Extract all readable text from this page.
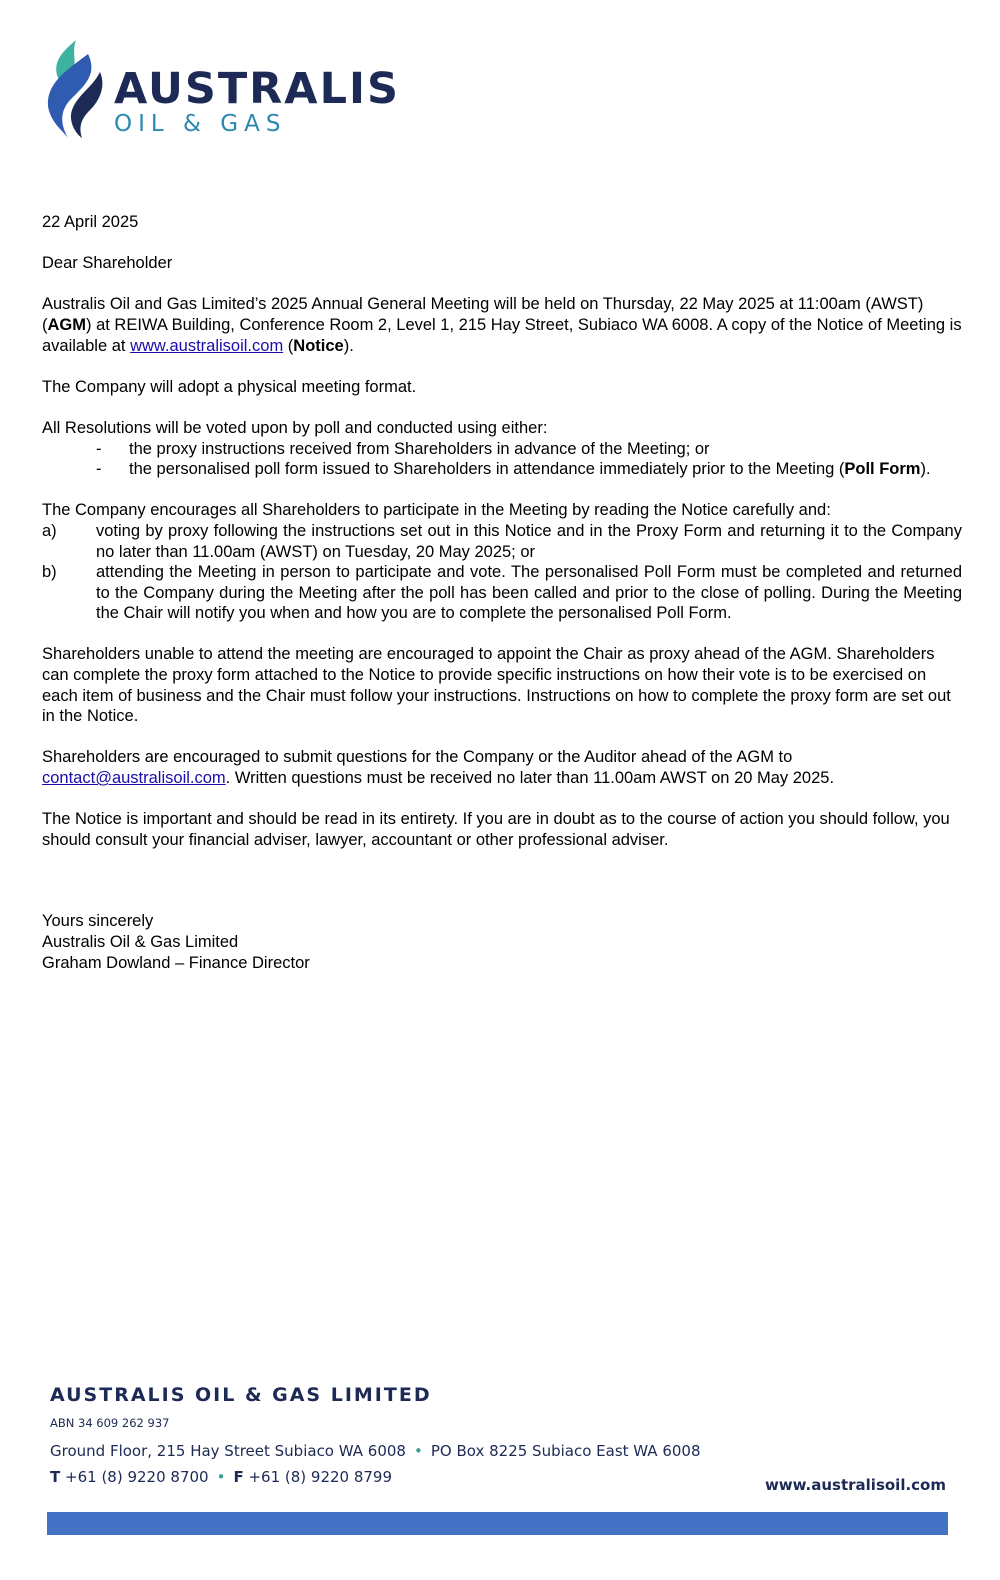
AUSTRALIS
OIL & GAS

22 April 2025

Dear Shareholder

Australis Oil and Gas Limited’s 2025 Annual General Meeting will be held on Thursday, 22 May 2025 at 11:00am (AWST) (AGM) at REIWA Building, Conference Room 2, Level 1, 215 Hay Street, Subiaco WA 6008. A copy of the Notice of Meeting is available at www.australisoil.com (Notice).

The Company will adopt a physical meeting format.

All Resolutions will be voted upon by poll and conducted using either:

- the proxy instructions received from Shareholders in advance of the Meeting; or
- the personalised poll form issued to Shareholders in attendance immediately prior to the Meeting (Poll Form).

The Company encourages all Shareholders to participate in the Meeting by reading the Notice carefully and:

a) voting by proxy following the instructions set out in this Notice and in the Proxy Form and returning it to the Company no later than 11.00am (AWST) on Tuesday, 20 May 2025; or
b) attending the Meeting in person to participate and vote. The personalised Poll Form must be completed and returned to the Company during the Meeting after the poll has been called and prior to the close of polling. During the Meeting the Chair will notify you when and how you are to complete the personalised Poll Form.

Shareholders unable to attend the meeting are encouraged to appoint the Chair as proxy ahead of the AGM. Shareholders can complete the proxy form attached to the Notice to provide specific instructions on how their vote is to be exercised on each item of business and the Chair must follow your instructions. Instructions on how to complete the proxy form are set out in the Notice.

Shareholders are encouraged to submit questions for the Company or the Auditor ahead of the AGM to contact@australisoil.com. Written questions must be received no later than 11.00am AWST on 20 May 2025.

The Notice is important and should be read in its entirety. If you are in doubt as to the course of action you should follow, you should consult your financial adviser, lawyer, accountant or other professional adviser.

Yours sincerely
Australis Oil & Gas Limited
Graham Dowland – Finance Director
AUSTRALIS OIL & GAS LIMITED
ABN 34 609 262 937
Ground Floor, 215 Hay Street Subiaco WA 6008 • PO Box 8225 Subiaco East WA 6008
T +61 (8) 9220 8700 • F +61 (8) 9220 8799	www.australisoil.com
